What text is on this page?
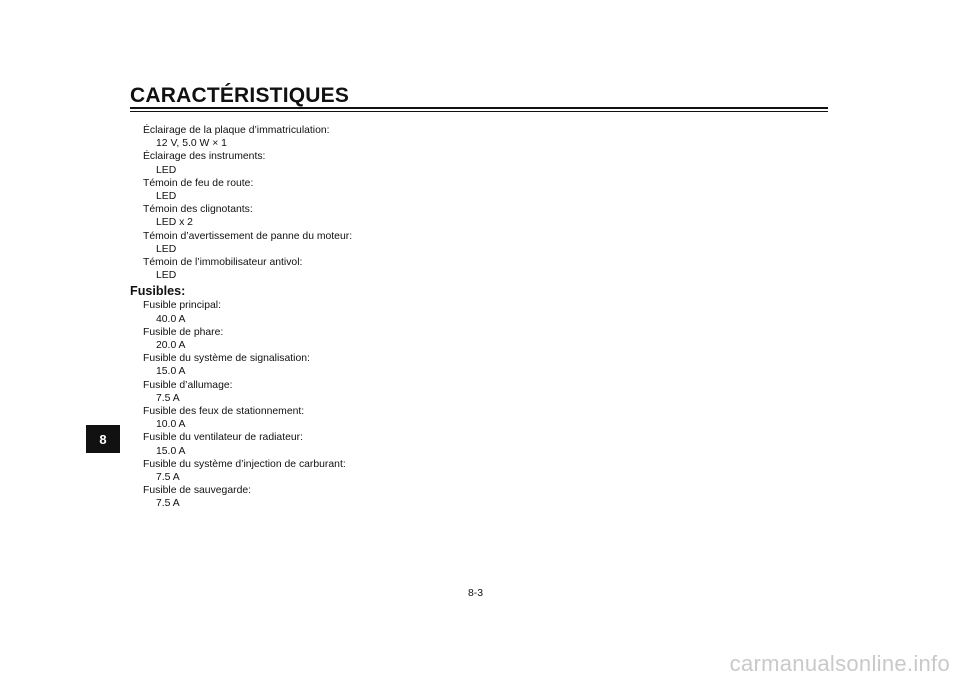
CARACTÉRISTIQUES
Éclairage de la plaque d’immatriculation:
12 V, 5.0 W × 1
Éclairage des instruments:
LED
Témoin de feu de route:
LED
Témoin des clignotants:
LED x 2
Témoin d’avertissement de panne du moteur:
LED
Témoin de l’immobilisateur antivol:
LED
Fusibles:
Fusible principal:
40.0 A
Fusible de phare:
20.0 A
Fusible du système de signalisation:
15.0 A
Fusible d’allumage:
7.5 A
Fusible des feux de stationnement:
10.0 A
Fusible du ventilateur de radiateur:
15.0 A
Fusible du système d’injection de carburant:
7.5 A
Fusible de sauvegarde:
7.5 A
8
8-3
carmanualsonline.info
